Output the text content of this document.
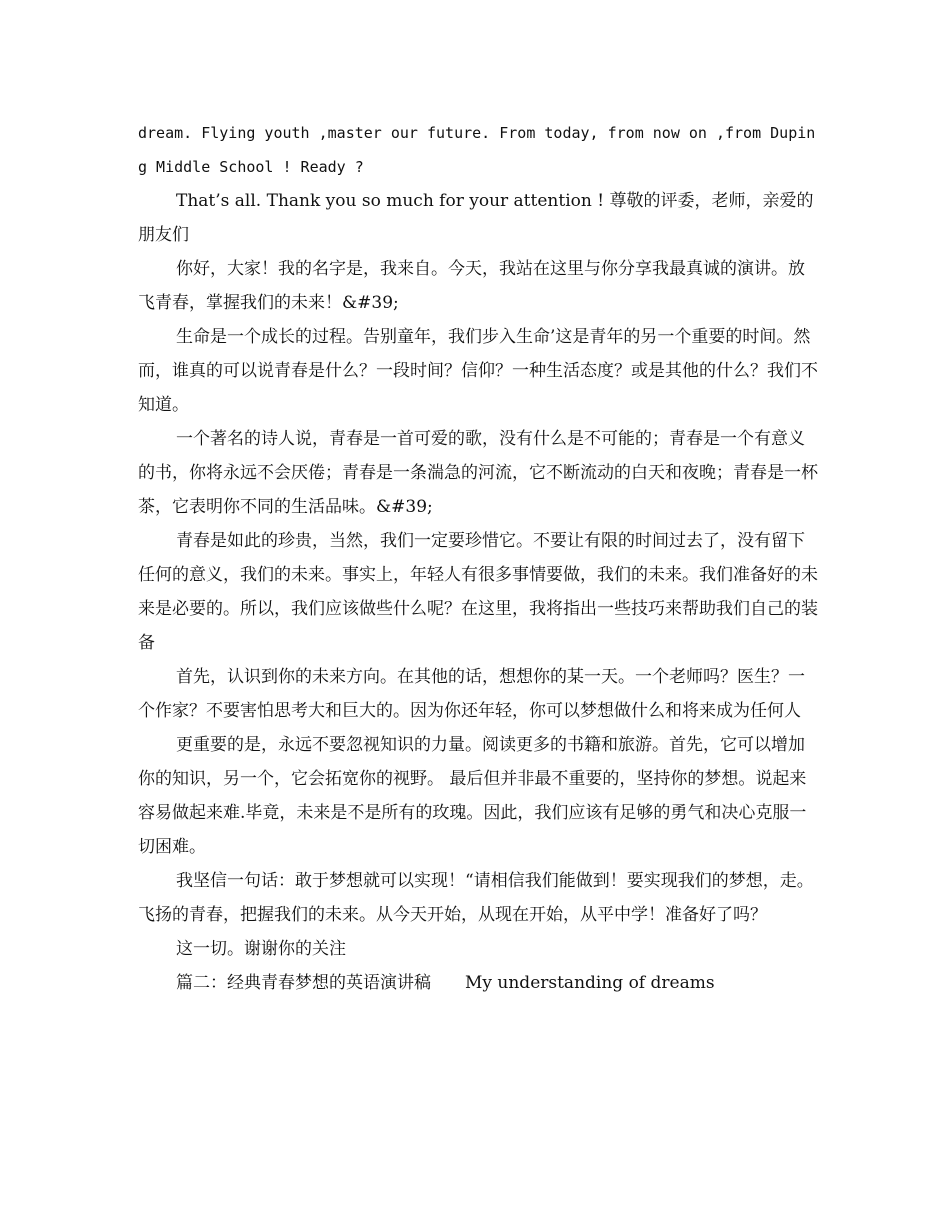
dream. Flying youth ,master our future. From today, from now on ,from Duping Middle School ! Ready ?

That’s all. Thank you so much for your attention ! 尊敬的评委，老师，亲爱的朋友们

你好，大家！我的名字是，我来自。今天，我站在这里与你分享我最真诚的演讲。放飞青春，掌握我们的未来！&#39;

生命是一个成长的过程。告别童年，我们步入生命’这是青年的另一个重要的时间。然而，谁真的可以说青春是什么？一段时间？信仰？一种生活态度？或是其他的什么？我们不知道。

一个著名的诗人说，青春是一首可爱的歌，没有什么是不可能的；青春是一个有意义的书，你将永远不会厌倦；青春是一条湍急的河流，它不断流动的白天和夜晚；青春是一杯茶，它表明你不同的生活品味。&#39;

青春是如此的珍贵，当然，我们一定要珍惜它。不要让有限的时间过去了，没有留下任何的意义，我们的未来。事实上，年轻人有很多事情要做，我们的未来。我们准备好的未来是必要的。所以，我们应该做些什么呢？在这里，我将指出一些技巧来帮助我们自己的装备

首先，认识到你的未来方向。在其他的话，想想你的某一天。一个老师吗？医生？一个作家？不要害怕思考大和巨大的。因为你还年轻，你可以梦想做什么和将来成为任何人

更重要的是，永远不要忽视知识的力量。阅读更多的书籍和旅游。首先，它可以增加你的知识，另一个，它会拓宽你的视野。 最后但并非最不重要的，坚持你的梦想。说起来容易做起来难.毕竟，未来是不是所有的玫瑰。因此，我们应该有足够的勇气和决心克服一切困难。

我坚信一句话：敢于梦想就可以实现！“请相信我们能做到！要实现我们的梦想，走。飞扬的青春，把握我们的未来。从今天开始，从现在开始，从平中学！准备好了吗？

这一切。谢谢你的关注

篇二：经典青春梦想的英语演讲稿　　My understanding of dreams
